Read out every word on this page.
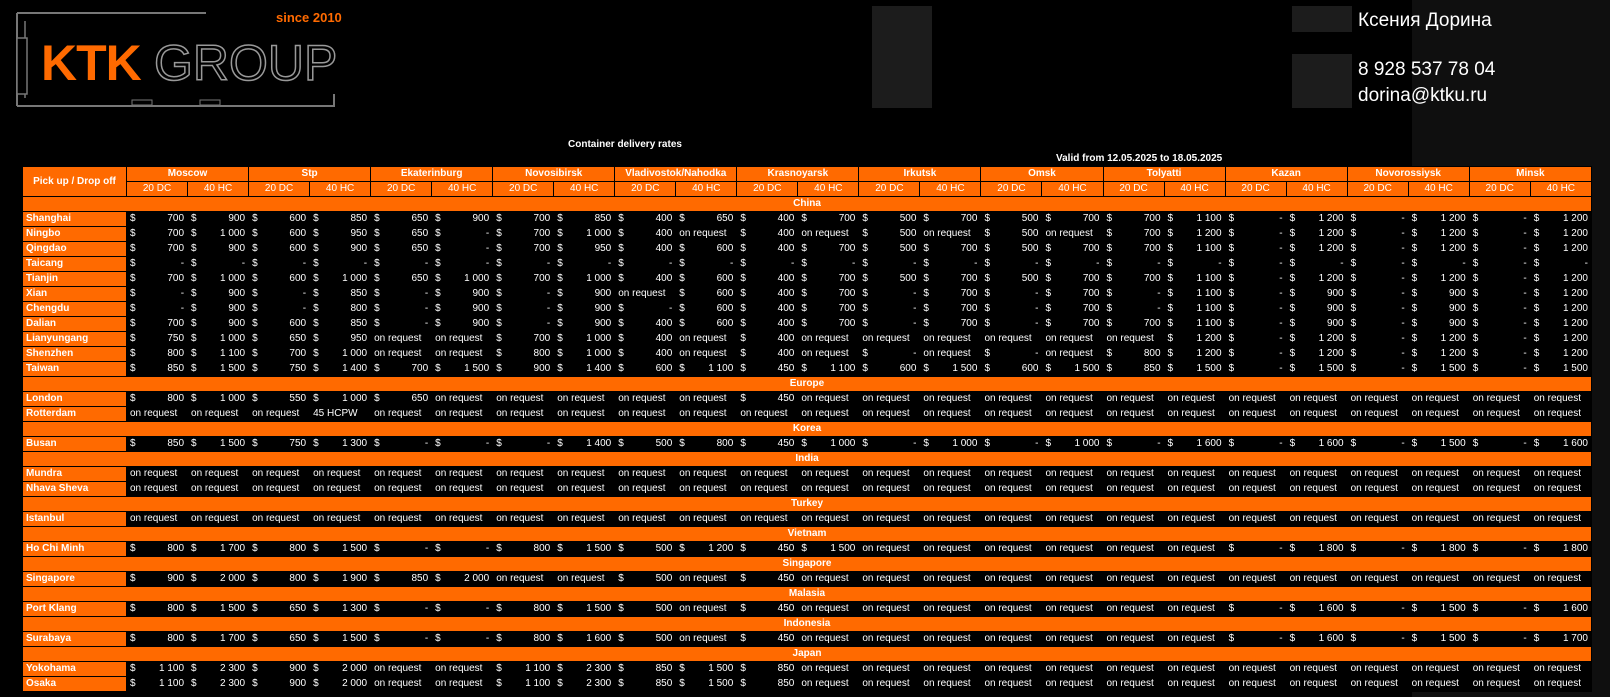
since 2010
KTK GROUP
Ксения Дорина
8 928 537 78 04
dorina@ktku.ru
Container delivery rates
Valid from 12.05.2025 to 18.05.2025
Pick up / Drop off	Moscow		Stp		Ekaterinburg		Novosibirsk		Vladivostok/Nahodka		Krasnoyarsk		Irkutsk		Omsk		Tolyatti		Kazan		Novorossiysk		Minsk	
	20 DC	40 HC	20 DC	40 HC	20 DC	40 HC	20 DC	40 HC	20 DC	40 HC	20 DC	40 HC	20 DC	40 HC	20 DC	40 HC	20 DC	40 HC	20 DC	40 HC	20 DC	40 HC	20 DC	40 HC
China																								
Shanghai	$ 700	$ 900	$ 600	$ 850	$ 650	$ 900	$ 700	$ 850	$ 400	$ 650	$ 400	$ 700	$ 500	$ 700	$ 500	$ 700	$ 700	$ 1 100	$ -	$ 1 200	$ -	$ 1 200	$ -	$ 1 200

Ningbo	$ 700	$ 1 000	$ 600	$ 950	$ 650	$ -	$ 700	$ 1 000	$ 400	on request	$ 400	on request	$ 500	on request	$ 500	on request	$ 700	$ 1 200	$ -	$ 1 200	$ -	$ 1 200	$ -	$ 1 200

Qingdao	$ 700	$ 900	$ 600	$ 900	$ 650	$ -	$ 700	$ 950	$ 400	$ 600	$ 400	$ 700	$ 500	$ 700	$ 500	$ 700	$ 700	$ 1 100	$ -	$ 1 200	$ -	$ 1 200	$ -	$ 1 200

Taicang	$ -	$ -	$ -	$ -	$ -	$ -	$ -	$ -	$ -	$ -	$ -	$ -	$ -	$ -	$ -	$ -	$ -	$ -	$ -	$ -	$ -	$ -	$ -	$ -

Tianjin	$ 700	$ 1 000	$ 600	$ 1 000	$ 650	$ 1 000	$ 700	$ 1 000	$ 400	$ 600	$ 400	$ 700	$ 500	$ 700	$ 500	$ 700	$ 700	$ 1 100	$ -	$ 1 200	$ -	$ 1 200	$ -	$ 1 200

Xian	$ -	$ 900	$ -	$ 850	$ -	$ 900	$ -	$ 900	on request	$ 600	$ 400	$ 700	$ -	$ 700	$ -	$ 700	$ -	$ 1 100	$ -	$ 900	$ -	$ 900	$ -	$ 1 200

Chengdu	$ -	$ 900	$ -	$ 800	$ -	$ 900	$ -	$ 900	$ -	$ 600	$ 400	$ 700	$ -	$ 700	$ -	$ 700	$ -	$ 1 100	$ -	$ 900	$ -	$ 900	$ -	$ 1 200

Dalian	$ 700	$ 900	$ 600	$ 850	$ -	$ 900	$ -	$ 900	$ 400	$ 600	$ 400	$ 700	$ -	$ 700	$ -	$ 700	$ 700	$ 1 100	$ -	$ 900	$ -	$ 900	$ -	$ 1 200

Lianyungang	$ 750	$ 1 000	$ 650	$ 950	on request	on request	$ 700	$ 1 000	$ 400	on request	$ 400	on request	on request	on request	on request	on request	on request	$ 1 200	$ -	$ 1 200	$ -	$ 1 200	$ -	$ 1 200

Shenzhen	$ 800	$ 1 100	$ 700	$ 1 000	on request	on request	$ 800	$ 1 000	$ 400	on request	$ 400	on request	$ -	on request	$ -	on request	$ 800	$ 1 200	$ -	$ 1 200	$ -	$ 1 200	$ -	$ 1 200

Taiwan	$ 850	$ 1 500	$ 750	$ 1 400	$ 700	$ 1 500	$ 900	$ 1 400	$ 600	$ 1 100	$ 450	$ 1 100	$ 600	$ 1 500	$ 600	$ 1 500	$ 850	$ 1 500	$ -	$ 1 500	$ -	$ 1 500	$ -	$ 1 500

Europe																								
London	$ 800	$ 1 000	$ 550	$ 1 000	$ 650	on request	on request	on request	on request	on request	$ 450	on request	on request	on request	on request	on request	on request	on request	on request	on request	on request	on request	on request	on request
Rotterdam	on request	on request	on request	45 HCPW	on request	on request	on request	on request	on request	on request	on request	on request	on request	on request	on request	on request	on request	on request	on request	on request	on request	on request	on request	on request
Korea																								
Busan	$ 850	$ 1 500	$ 750	$ 1 300	$ -	$ -	$ -	$ 1 400	$ 500	$ 800	$ 450	$ 1 000	$ -	$ 1 000	$ -	$ 1 000	$ -	$ 1 600	$ -	$ 1 600	$ -	$ 1 500	$ -	$ 1 600

India																								
Mundra	on request	on request	on request	on request	on request	on request	on request	on request	on request	on request	on request	on request	on request	on request	on request	on request	on request	on request	on request	on request	on request	on request	on request	on request
Nhava Sheva	on request	on request	on request	on request	on request	on request	on request	on request	on request	on request	on request	on request	on request	on request	on request	on request	on request	on request	on request	on request	on request	on request	on request	on request
Turkey																								
Istanbul	on request	on request	on request	on request	on request	on request	on request	on request	on request	on request	on request	on request	on request	on request	on request	on request	on request	on request	on request	on request	on request	on request	on request	on request
Vietnam																								
Ho Chi Minh	$ 800	$ 1 700	$ 800	$ 1 500	$ -	$ -	$ 800	$ 1 500	$ 500	$ 1 200	$ 450	$ 1 500	on request	on request	on request	on request	on request	on request	$ -	$ 1 800	$ -	$ 1 800	$ -	$ 1 800

Singapore																								
Singapore	$ 900	$ 2 000	$ 800	$ 1 900	$ 850	$ 2 000	on request	on request	$ 500	on request	$ 450	on request	on request	on request	on request	on request	on request	on request	on request	on request	on request	on request	on request	on request
Malasia																								
Port Klang	$ 800	$ 1 500	$ 650	$ 1 300	$ -	$ -	$ 800	$ 1 500	$ 500	on request	$ 450	on request	on request	on request	on request	on request	on request	on request	$ -	$ 1 600	$ -	$ 1 500	$ -	$ 1 600

Indonesia																								
Surabaya	$ 800	$ 1 700	$ 650	$ 1 500	$ -	$ -	$ 800	$ 1 600	$ 500	on request	$ 450	on request	on request	on request	on request	on request	on request	on request	$ -	$ 1 600	$ -	$ 1 500	$ -	$ 1 700

Japan																								
Yokohama	$ 1 100	$ 2 300	$ 900	$ 2 000	on request	on request	$ 1 100	$ 2 300	$ 850	$ 1 500	$ 850	on request	on request	on request	on request	on request	on request	on request	on request	on request	on request	on request	on request	on request
Osaka	$ 1 100	$ 2 300	$ 900	$ 2 000	on request	on request	$ 1 100	$ 2 300	$ 850	$ 1 500	$ 850	on request	on request	on request	on request	on request	on request	on request	on request	on request	on request	on request	on request	on request
